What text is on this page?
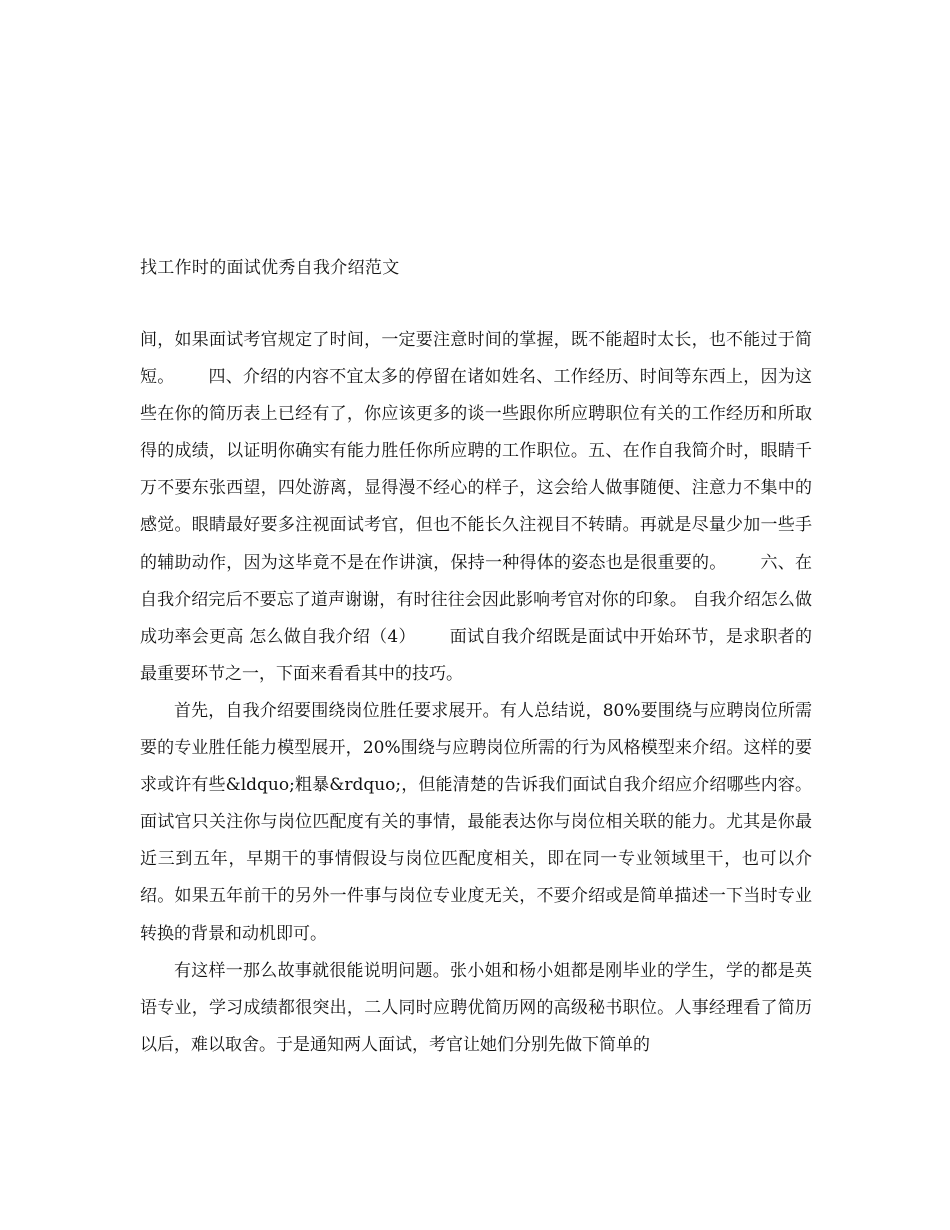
找工作时的面试优秀自我介绍范文

间，如果面试考官规定了时间，一定要注意时间的掌握，既不能超时太长，也不能过于简短。      四、介绍的内容不宜太多的停留在诸如姓名、工作经历、时间等东西上，因为这些在你的简历表上已经有了，你应该更多的谈一些跟你所应聘职位有关的工作经历和所取得的成绩，以证明你确实有能力胜任你所应聘的工作职位。五、在作自我简介时，眼睛千万不要东张西望，四处游离，显得漫不经心的样子，这会给人做事随便、注意力不集中的感觉。眼睛最好要多注视面试考官，但也不能长久注视目不转睛。再就是尽量少加一些手的辅助动作，因为这毕竟不是在作讲演，保持一种得体的姿态也是很重要的。      六、在自我介绍完后不要忘了道声谢谢，有时往往会因此影响考官对你的印象。 自我介绍怎么做成功率会更高 怎么做自我介绍（4）      面试自我介绍既是面试中开始环节，是求职者的最重要环节之一，下面来看看其中的技巧。

首先，自我介绍要围绕岗位胜任要求展开。有人总结说，80%要围绕与应聘岗位所需要的专业胜任能力模型展开，20%围绕与应聘岗位所需的行为风格模型来介绍。这样的要求或许有些&ldquo;粗暴&rdquo;，但能清楚的告诉我们面试自我介绍应介绍哪些内容。面试官只关注你与岗位匹配度有关的事情，最能表达你与岗位相关联的能力。尤其是你最近三到五年，早期干的事情假设与岗位匹配度相关，即在同一专业领域里干，也可以介绍。如果五年前干的另外一件事与岗位专业度无关，不要介绍或是简单描述一下当时专业转换的背景和动机即可。

有这样一那么故事就很能说明问题。张小姐和杨小姐都是刚毕业的学生，学的都是英语专业，学习成绩都很突出，二人同时应聘优简历网的高级秘书职位。人事经理看了简历以后，难以取舍。于是通知两人面试，考官让她们分别先做下简单的
